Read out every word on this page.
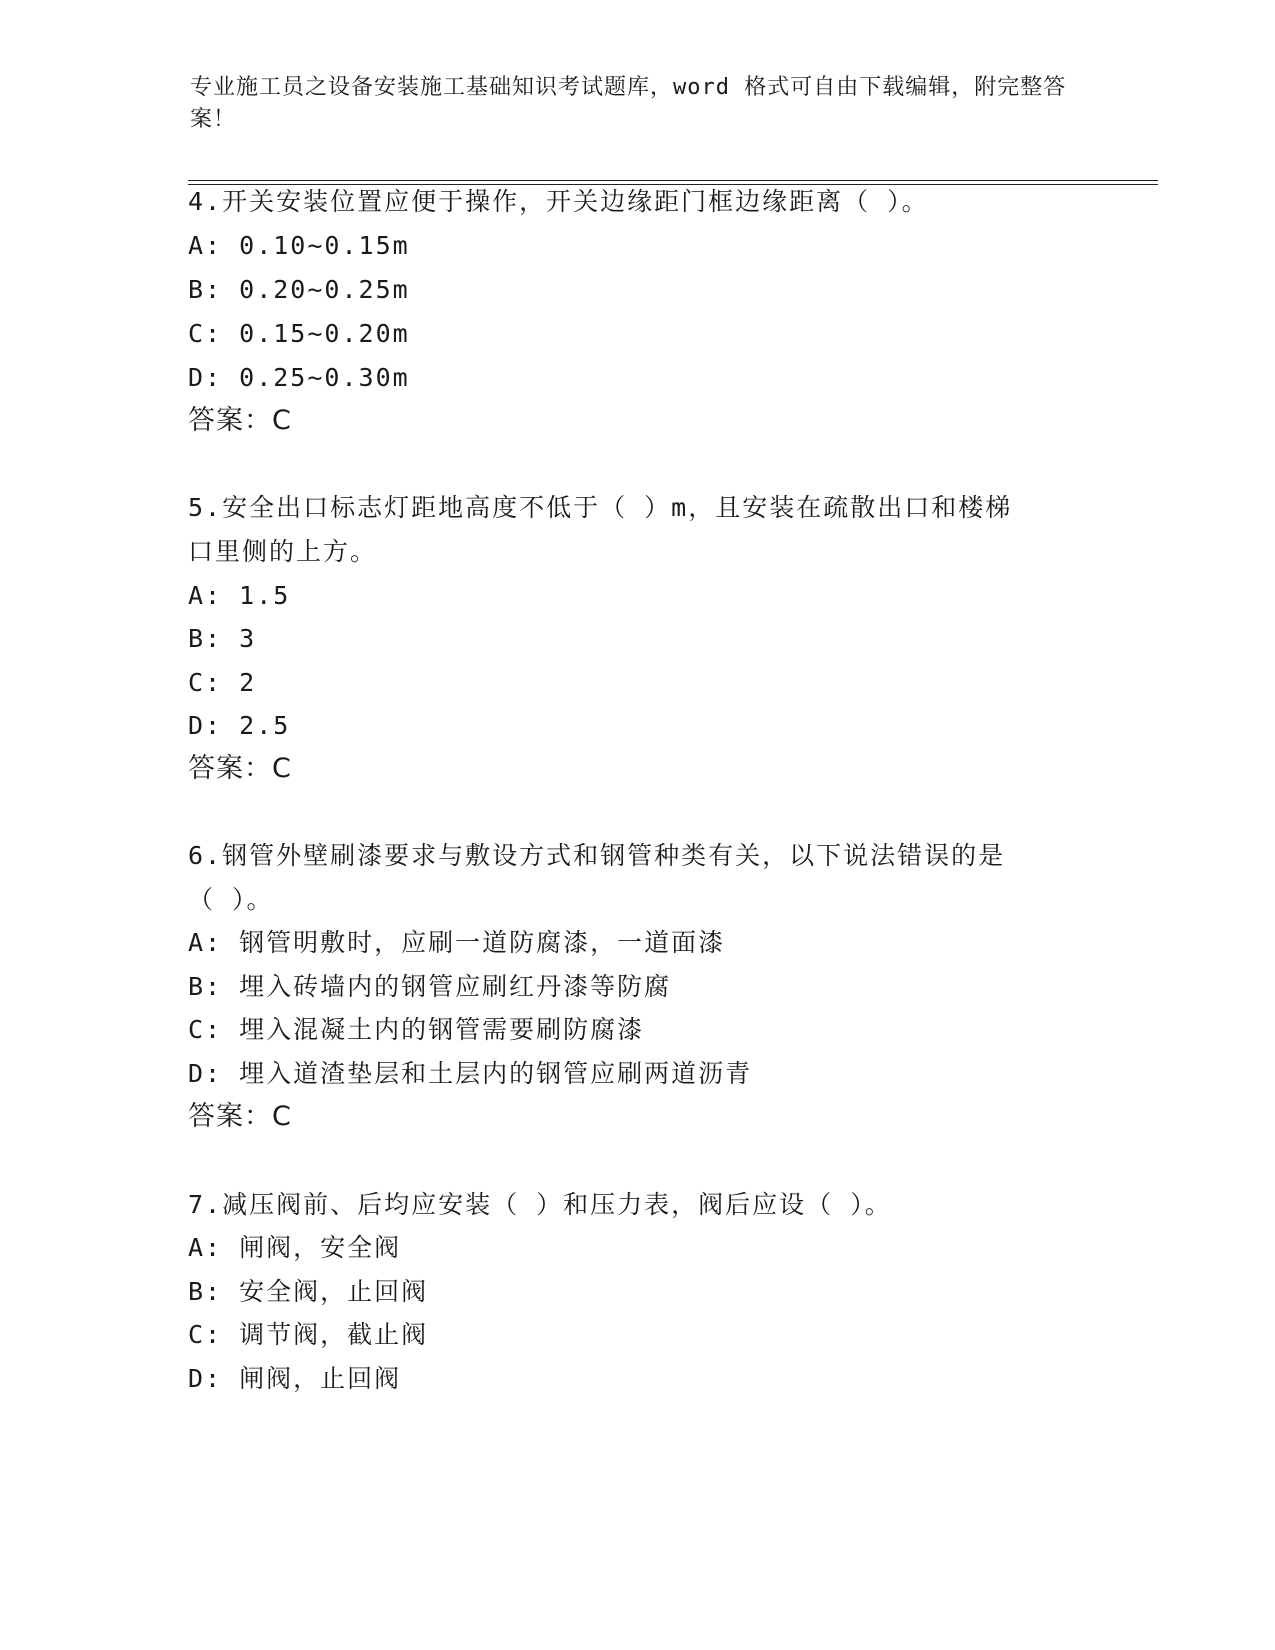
专业施工员之设备安装施工基础知识考试题库，word 格式可自由下载编辑，附完整答案！
4.开关安装位置应便于操作，开关边缘距门框边缘距离（ ）。
A: 0.10~0.15m
B: 0.20~0.25m
C: 0.15~0.20m
D: 0.25~0.30m
答案：C
5.安全出口标志灯距地高度不低于（ ）m，且安装在疏散出口和楼梯
口里侧的上方。
A: 1.5
B: 3
C: 2
D: 2.5
答案：C
6.钢管外壁刷漆要求与敷设方式和钢管种类有关，以下说法错误的是
（ ）。
A: 钢管明敷时，应刷一道防腐漆，一道面漆
B: 埋入砖墙内的钢管应刷红丹漆等防腐
C: 埋入混凝土内的钢管需要刷防腐漆
D: 埋入道渣垫层和土层内的钢管应刷两道沥青
答案：C
7.减压阀前、后均应安装（ ）和压力表，阀后应设（ ）。
A: 闸阀，安全阀
B: 安全阀，止回阀
C: 调节阀，截止阀
D: 闸阀，止回阀
